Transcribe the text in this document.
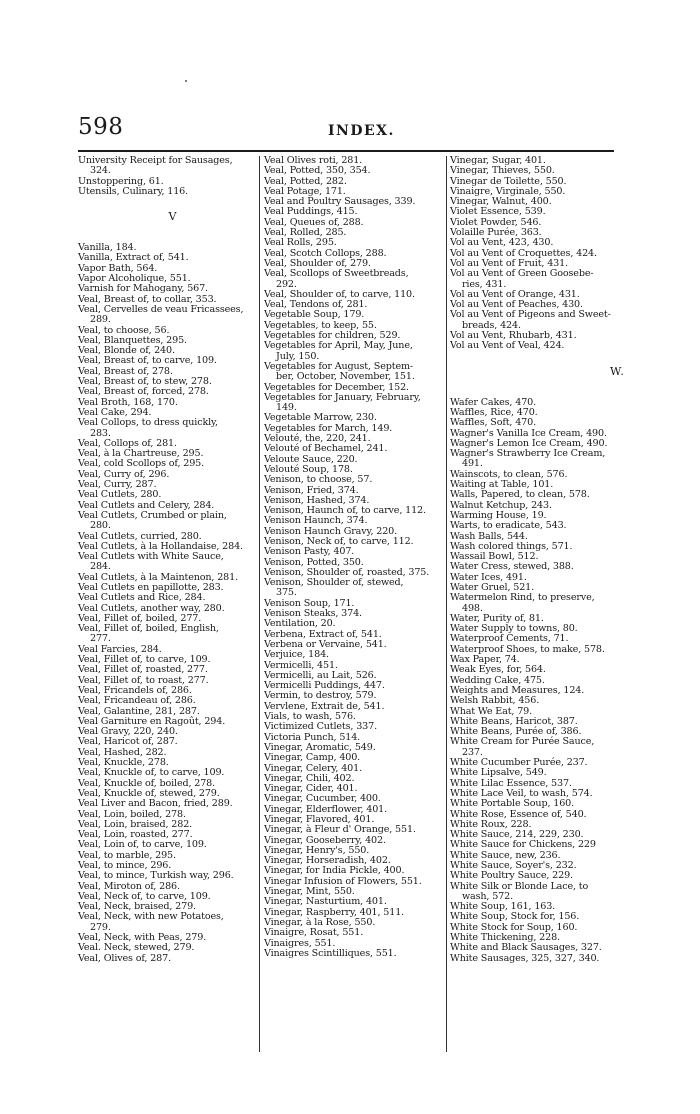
598	INDEX.
University Receipt for Sausages,
324.
Unstoppering, 61.
Utensils, Culinary, 116.
V
Vanilla, 184.
Vanilla, Extract of, 541.
Vapor Bath, 564.
Vapor Alcoholique, 551.
Varnish for Mahogany, 567.
Veal, Breast of, to collar, 353.
Veal, Cervelles de veau Fricassees,
289.
Veal, to choose, 56.
Veal, Blanquettes, 295.
Veal, Blonde of, 240.
Veal, Breast of, to carve, 109.
Veal, Breast of, 278.
Veal, Breast of, to stew, 278.
Veal, Breast of, forced, 278.
Veal Broth, 168, 170.
Veal Cake, 294.
Veal Collops, to dress quickly,
283.
Veal, Collops of, 281.
Veal, à la Chartreuse, 295.
Veal, cold Scollops of, 295.
Veal, Curry of, 296.
Veal, Curry, 287.
Veal Cutlets, 280.
Veal Cutlets and Celery, 284.
Veal Cutlets, Crumbed or plain,
280.
Veal Cutlets, curried, 280.
Veal Cutlets, à la Hollandaise, 284.
Veal Cutlets with White Sauce,
284.
Veal Cutlets, à la Maintenon, 281.
Veal Cutlets en papillotte, 283.
Veal Cutlets and Rice, 284.
Veal Cutlets, another way, 280.
Veal, Fillet of, boiled, 277.
Veal, Fillet of, boiled, English,
277.
Veal Farcies, 284.
Veal, Fillet of, to carve, 109.
Veal, Fillet of, roasted, 277.
Veal, Fillet of, to roast, 277.
Veal, Fricandels of, 286.
Veal, Fricandeau of, 286.
Veal, Galantine, 281, 287.
Veal Garniture en Ragoût, 294.
Veal Gravy, 220, 240.
Veal, Haricot of, 287.
Veal, Hashed, 282.
Veal, Knuckle, 278.
Veal, Knuckle of, to carve, 109.
Veal, Knuckle of, boiled, 278.
Veal, Knuckle of, stewed, 279.
Veal Liver and Bacon, fried, 289.
Veal, Loin, boiled, 278.
Veal, Loin, braised, 282.
Veal, Loin, roasted, 277.
Veal, Loin of, to carve, 109.
Veal, to marble, 295.
Veal, to mince, 296.
Veal, to mince, Turkish way, 296.
Veal, Miroton of, 286.
Veal, Neck of, to carve, 109.
Veal, Neck, braised, 279.
Veal, Neck, with new Potatoes,
279.
Veal, Neck, with Peas, 279.
Veal. Neck, stewed, 279.
Veal, Olives of, 287.
Veal Olives roti, 281.
Veal, Potted, 350, 354.
Veal, Potted, 282.
Veal Potage, 171.
Veal and Poultry Sausages, 339.
Veal Puddings, 415.
Veal, Queues of, 288.
Veal, Rolled, 285.
Veal Rolls, 295.
Veal, Scotch Collops, 288.
Veal, Shoulder of, 279.
Veal, Scollops of Sweetbreads,
292.
Veal, Shoulder of, to carve, 110.
Veal, Tendons of, 281.
Vegetable Soup, 179.
Vegetables, to keep, 55.
Vegetables for children, 529.
Vegetables for April, May, June,
July, 150.
Vegetables for August, Septem-
ber, October, November, 151.
Vegetables for December, 152.
Vegetables for January, February,
149.
Vegetable Marrow, 230.
Vegetables for March, 149.
Velouté, the, 220, 241.
Velouté of Bechamel, 241.
Veloute Sauce, 220.
Velouté Soup, 178.
Venison, to choose, 57.
Venison, Fried, 374.
Venison, Hashed, 374.
Venison, Haunch of, to carve, 112.
Venison Haunch, 374.
Venison Haunch Gravy, 220.
Venison, Neck of, to carve, 112.
Venison Pasty, 407.
Venison, Potted, 350.
Venison, Shoulder of, roasted, 375.
Venison, Shoulder of, stewed,
375.
Venison Soup, 171.
Venison Steaks, 374.
Ventilation, 20.
Verbena, Extract of, 541.
Verbena or Vervaine, 541.
Verjuice, 184.
Vermicelli, 451.
Vermicelli, au Lait, 526.
Vermicelli Puddings, 447.
Vermin, to destroy, 579.
Vervlene, Extrait de, 541.
Vials, to wash, 576.
Victimized Cutlets, 337.
Victoria Punch, 514.
Vinegar, Aromatic, 549.
Vinegar, Camp, 400.
Vinegar, Celery, 401.
Vinegar, Chili, 402.
Vinegar, Cider, 401.
Vinegar, Cucumber, 400.
Vinegar, Elderflower, 401.
Vinegar, Flavored, 401.
Vinegar, à Fleur d' Orange, 551.
Vinegar, Gooseberry, 402.
Vinegar, Henry's, 550.
Vinegar, Horseradish, 402.
Vinegar, for India Pickle, 400.
Vinegar Infusion of Flowers, 551.
Vinegar, Mint, 550.
Vinegar, Nasturtium, 401.
Vinegar, Raspberry, 401, 511.
Vinegar, à la Rose, 550.
Vinaigre, Rosat, 551.
Vinaigres, 551.
Vinaigres Scintilliques, 551.
Vinegar, Sugar, 401.
Vinegar, Thieves, 550.
Vinegar de Toilette, 550.
Vinaigre, Virginale, 550.
Vinegar, Walnut, 400.
Violet Essence, 539.
Violet Powder, 546.
Volaille Purée, 363.
Vol au Vent, 423, 430.
Vol au Vent of Croquettes, 424.
Vol au Vent of Fruit, 431.
Vol au Vent of Green Goosebe-
ries, 431.
Vol au Vent of Orange, 431.
Vol au Vent of Peaches, 430.
Vol au Vent of Pigeons and Sweet-
breads, 424.
Vol au Vent, Rhubarb, 431.
Vol au Vent of Veal, 424.
W.
Wafer Cakes, 470.
Waffles, Rice, 470.
Waffles, Soft, 470.
Wagner's Vanilla Ice Cream, 490.
Wagner's Lemon Ice Cream, 490.
Wagner's Strawberry Ice Cream,
491.
Wainscots, to clean, 576.
Waiting at Table, 101.
Walls, Papered, to clean, 578.
Walnut Ketchup, 243.
Warming House, 19.
Warts, to eradicate, 543.
Wash Balls, 544.
Wash colored things, 571.
Wassail Bowl, 512.
Water Cress, stewed, 388.
Water Ices, 491.
Water Gruel, 521.
Watermelon Rind, to preserve,
498.
Water, Purity of, 81.
Water Supply to towns, 80.
Waterproof Cements, 71.
Waterproof Shoes, to make, 578.
Wax Paper, 74.
Weak Eyes, for, 564.
Wedding Cake, 475.
Weights and Measures, 124.
Welsh Rabbit, 456.
What We Eat, 79.
White Beans, Haricot, 387.
White Beans, Purée of, 386.
White Cream for Purée Sauce,
237.
White Cucumber Purée, 237.
White Lipsalve, 549.
White Lilac Essence, 537.
White Lace Veil, to wash, 574.
White Portable Soup, 160.
White Rose, Essence of, 540.
White Roux, 228.
White Sauce, 214, 229, 230.
White Sauce for Chickens, 229
White Sauce, new, 236.
White Sauce, Soyer's, 232.
White Poultry Sauce, 229.
White Silk or Blonde Lace, to
wash, 572.
White Soup, 161, 163.
White Soup, Stock for, 156.
White Stock for Soup, 160.
White Thickening, 228.
White and Black Sausages, 327.
White Sausages, 325, 327, 340.
